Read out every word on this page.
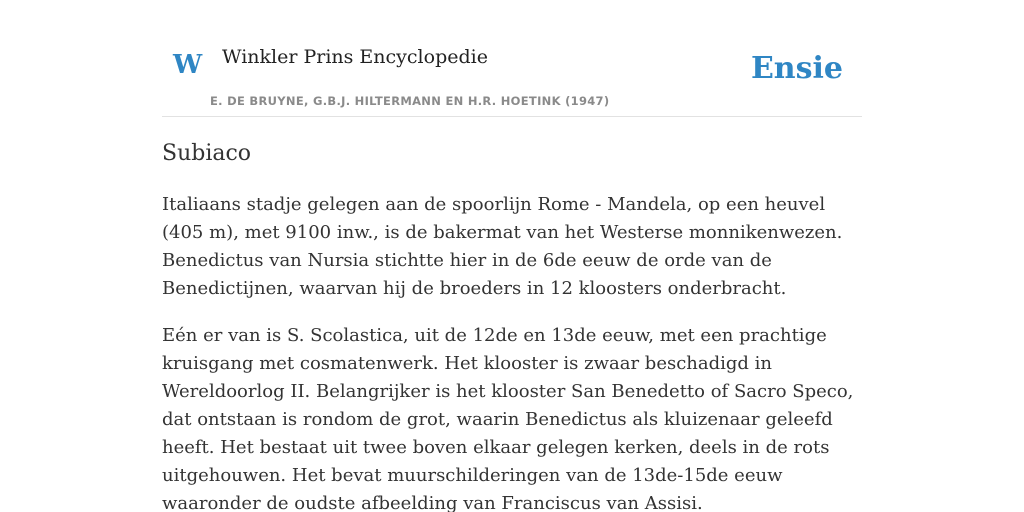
W Winkler Prins Encyclopedie
E. DE BRUYNE, G.B.J. HILTERMANN EN H.R. HOETINK (1947)
Ensie
Subiaco

Italiaans stadje gelegen aan de spoorlijn Rome - Mandela, op een heuvel (405 m), met 9100 inw., is de bakermat van het Westerse monnikenwezen. Benedictus van Nursia stichtte hier in de 6de eeuw de orde van de Benedictijnen, waarvan hij de broeders in 12 kloosters onderbracht.

Eén er van is S. Scolastica, uit de 12de en 13de eeuw, met een prachtige kruisgang met cosmatenwerk. Het klooster is zwaar beschadigd in Wereldoorlog II. Belangrijker is het klooster San Benedetto of Sacro Speco, dat ontstaan is rondom de grot, waarin Benedictus als kluizenaar geleefd heeft. Het bestaat uit twee boven elkaar gelegen kerken, deels in de rots uitgehouwen. Het bevat muurschilderingen van de 13de-15de eeuw waaronder de oudste afbeelding van Franciscus van Assisi.
